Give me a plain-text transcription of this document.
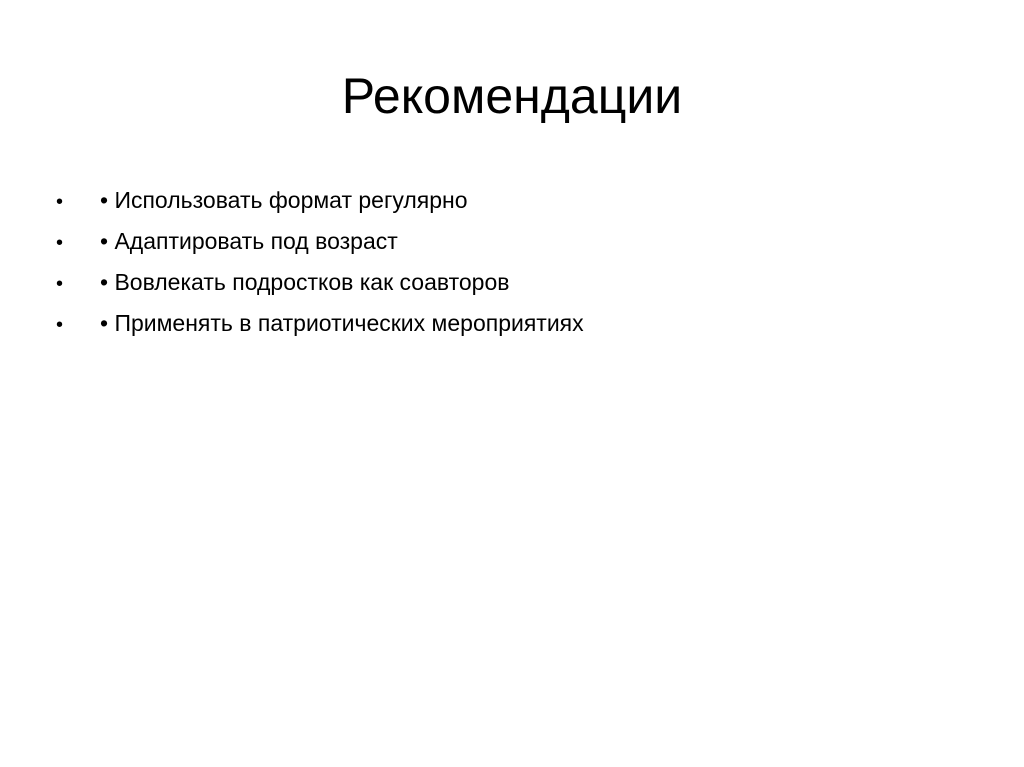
Рекомендации
•	• Использовать формат регулярно
•	• Адаптировать под возраст
•	• Вовлекать подростков как соавторов
•	• Применять в патриотических мероприятиях
